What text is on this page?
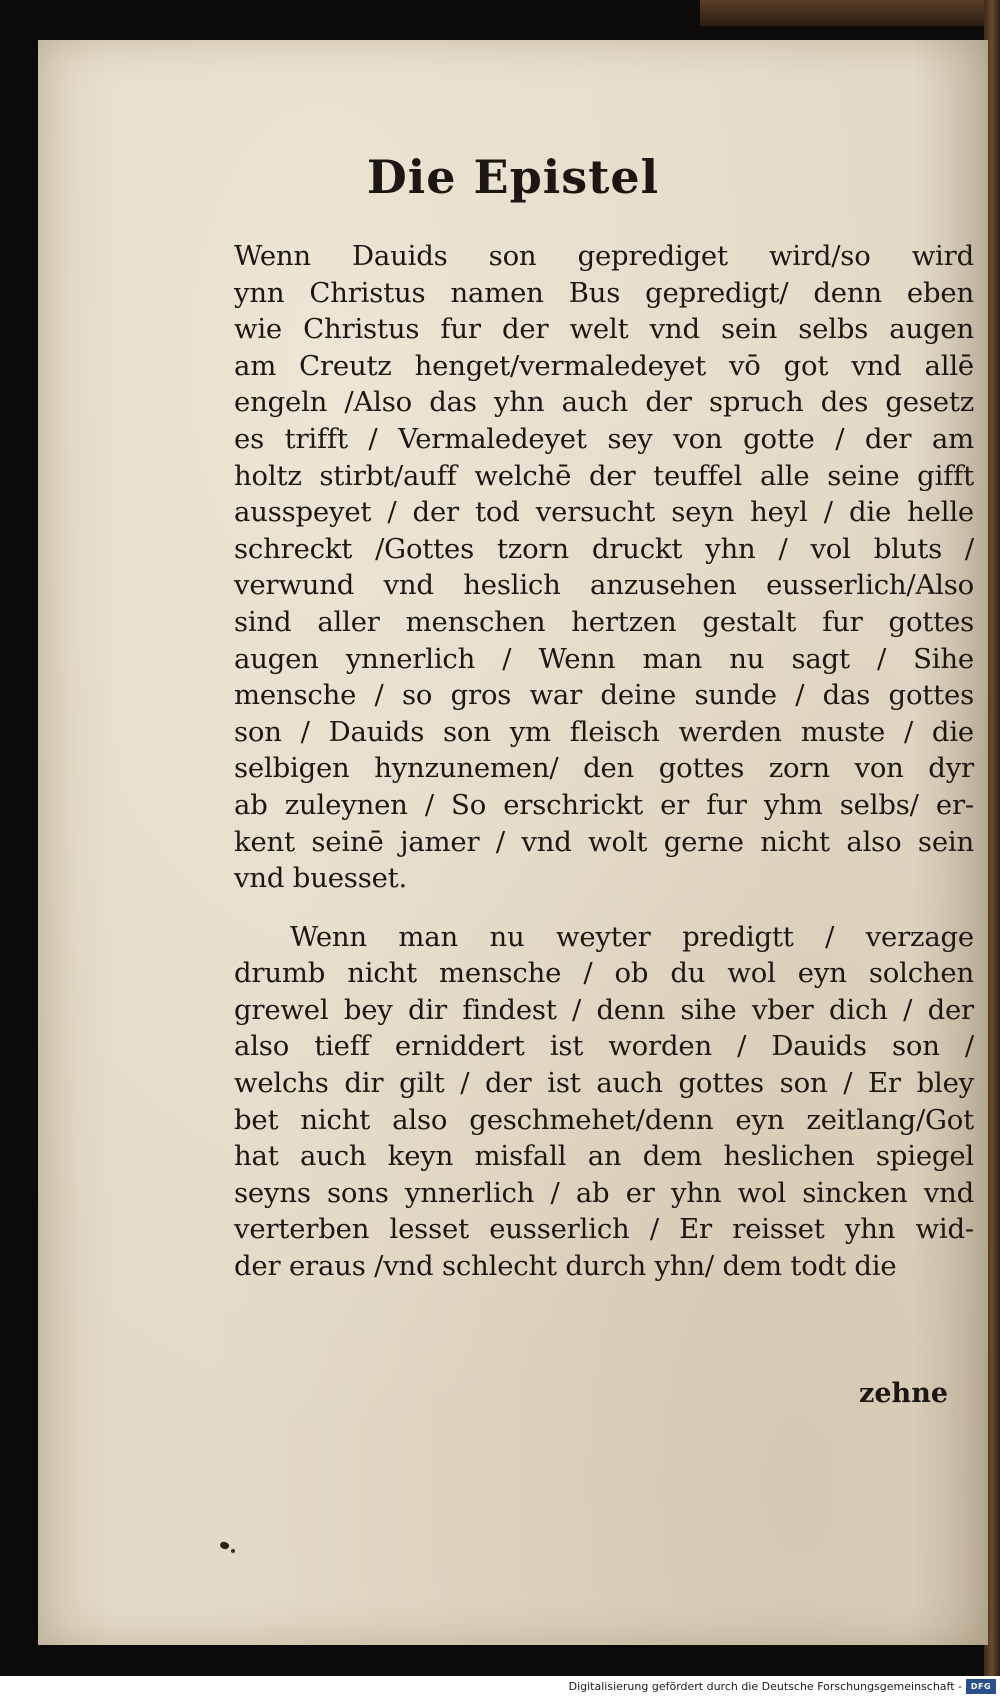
Die Epistel
Wenn Dauids son geprediget wird/so wird
ynn Christus namen Bus gepredigt/ denn eben
wie Christus fur der welt vnd sein selbs augen
am Creutz henget/vermaledeyet vō got vnd allē
engeln /Also das yhn auch der spruch des gesetz
es trifft / Vermaledeyet sey von gotte / der am
holtz stirbt/auff welchē der teuffel alle seine gifft
ausspeyet / der tod versucht seyn heyl / die helle
schreckt /Gottes tzorn druckt yhn / vol bluts /
verwund vnd heslich anzusehen eusserlich/Also
sind aller menschen hertzen gestalt fur gottes
augen ynnerlich / Wenn man nu sagt / Sihe
mensche / so gros war deine sunde / das gottes
son / Dauids son ym fleisch werden muste / die
selbigen hynzunemen/ den gottes zorn von dyr
ab zuleynen / So erschrickt er fur yhm selbs/ er-
kent seinē jamer / vnd wolt gerne nicht also sein
vnd buesset.
Wenn man nu weyter predigtt / verzage
drumb nicht mensche / ob du wol eyn solchen
grewel bey dir findest / denn sihe vber dich / der
also tieff erniddert ist worden / Dauids son /
welchs dir gilt / der ist auch gottes son / Er bley
bet nicht also geschmehet/denn eyn zeitlang/Got
hat auch keyn misfall an dem heslichen spiegel
seyns sons ynnerlich / ab er yhn wol sincken vnd
verterben lesset eusserlich / Er reisset yhn wid-
der eraus /vnd schlecht durch yhn/ dem todt die
zehne
Digitalisierung gefördert durch die Deutsche Forschungsgemeinschaft -	DFG
